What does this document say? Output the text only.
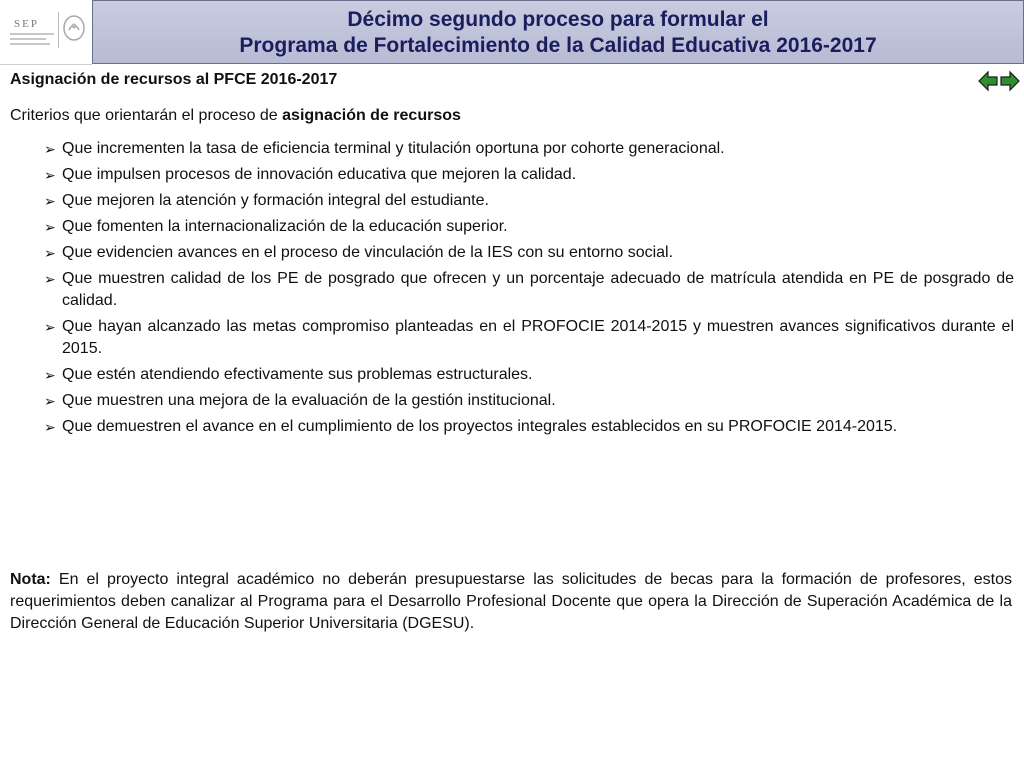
SEP	Décimo segundo proceso para formular el
Programa de Fortalecimiento de la Calidad Educativa 2016-2017

Asignación de recursos al PFCE 2016-2017

Criterios que orientarán el proceso de asignación de recursos
➢ Que incrementen la tasa de eficiencia terminal y titulación oportuna por cohorte generacional.
➢ Que impulsen procesos de innovación educativa que mejoren la calidad.
➢ Que mejoren la atención y formación integral del estudiante.
➢ Que fomenten la internacionalización de la educación superior.
➢ Que evidencien avances en el proceso de vinculación de la IES con su entorno social.
➢ Que muestren calidad de los PE de posgrado que ofrecen y un porcentaje adecuado de matrícula atendida en PE de posgrado de calidad.
➢ Que hayan alcanzado las metas compromiso planteadas en el PROFOCIE 2014-2015 y muestren avances significativos durante el 2015.
➢ Que estén atendiendo efectivamente sus problemas estructurales.
➢ Que muestren una mejora de la evaluación de la gestión institucional.
➢ Que demuestren el avance en el cumplimiento de los proyectos integrales establecidos en su PROFOCIE 2014-2015.
Nota: En el proyecto integral académico no deberán presupuestarse las solicitudes de becas para la formación de profesores, estos requerimientos deben canalizar al Programa para el Desarrollo Profesional Docente que opera la Dirección de Superación Académica de la Dirección General de Educación Superior Universitaria (DGESU).
